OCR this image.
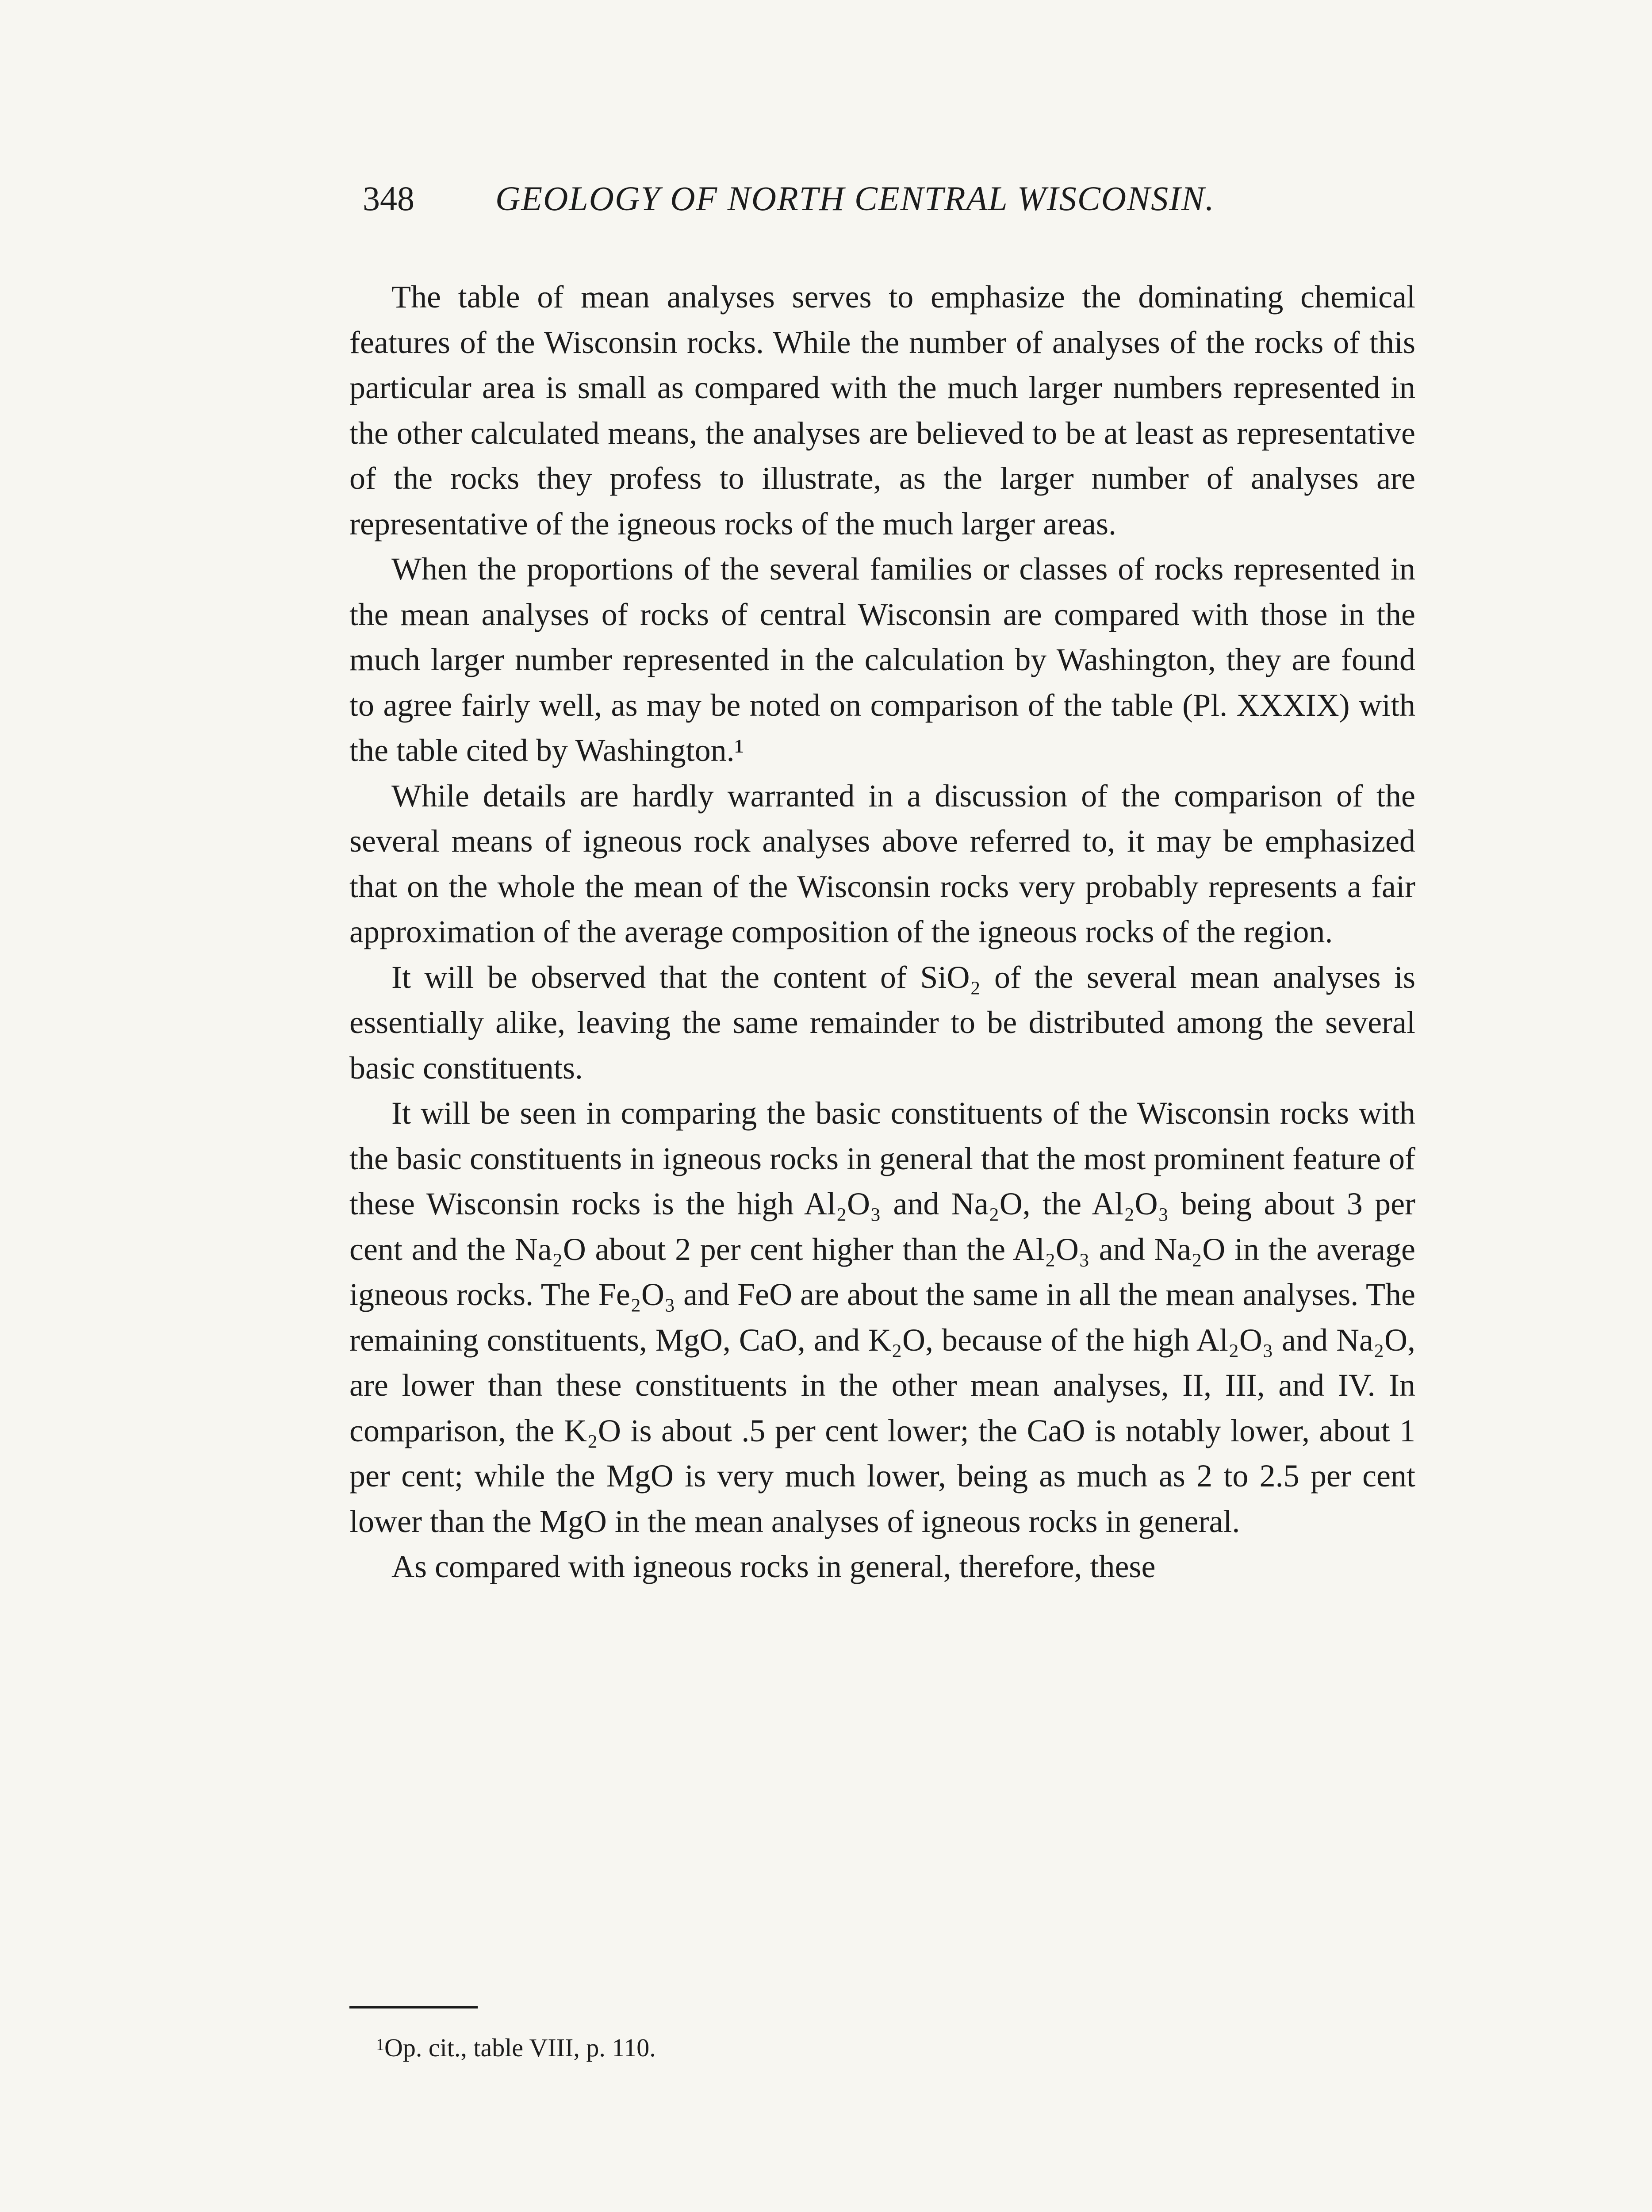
348 GEOLOGY OF NORTH CENTRAL WISCONSIN.

The table of mean analyses serves to emphasize the dominating chemical features of the Wisconsin rocks. While the number of analyses of the rocks of this particular area is small as compared with the much larger numbers represented in the other calculated means, the analyses are believed to be at least as representative of the rocks they profess to illustrate, as the larger number of analyses are representative of the igneous rocks of the much larger areas.

When the proportions of the several families or classes of rocks represented in the mean analyses of rocks of central Wisconsin are compared with those in the much larger number represented in the calculation by Washington, they are found to agree fairly well, as may be noted on comparison of the table (Pl. XXXIX) with the table cited by Washington.¹

While details are hardly warranted in a discussion of the comparison of the several means of igneous rock analyses above referred to, it may be emphasized that on the whole the mean of the Wisconsin rocks very probably represents a fair approximation of the average composition of the igneous rocks of the region.

It will be observed that the content of SiO₂ of the several mean analyses is essentially alike, leaving the same remainder to be distributed among the several basic constituents.

It will be seen in comparing the basic constituents of the Wisconsin rocks with the basic constituents in igneous rocks in general that the most prominent feature of these Wisconsin rocks is the high Al₂O₃ and Na₂O, the Al₂O₃ being about 3 per cent and the Na₂O about 2 per cent higher than the Al₂O₃ and Na₂O in the average igneous rocks. The Fe₂O₃ and FeO are about the same in all the mean analyses. The remaining constituents, MgO, CaO, and K₂O, because of the high Al₂O₃ and Na₂O, are lower than these constituents in the other mean analyses, II, III, and IV. In comparison, the K₂O is about .5 per cent lower; the CaO is notably lower, about 1 per cent; while the MgO is very much lower, being as much as 2 to 2.5 per cent lower than the MgO in the mean analyses of igneous rocks in general.

As compared with igneous rocks in general, therefore, these

$^1$Op. cit., table VIII, p. 110.
